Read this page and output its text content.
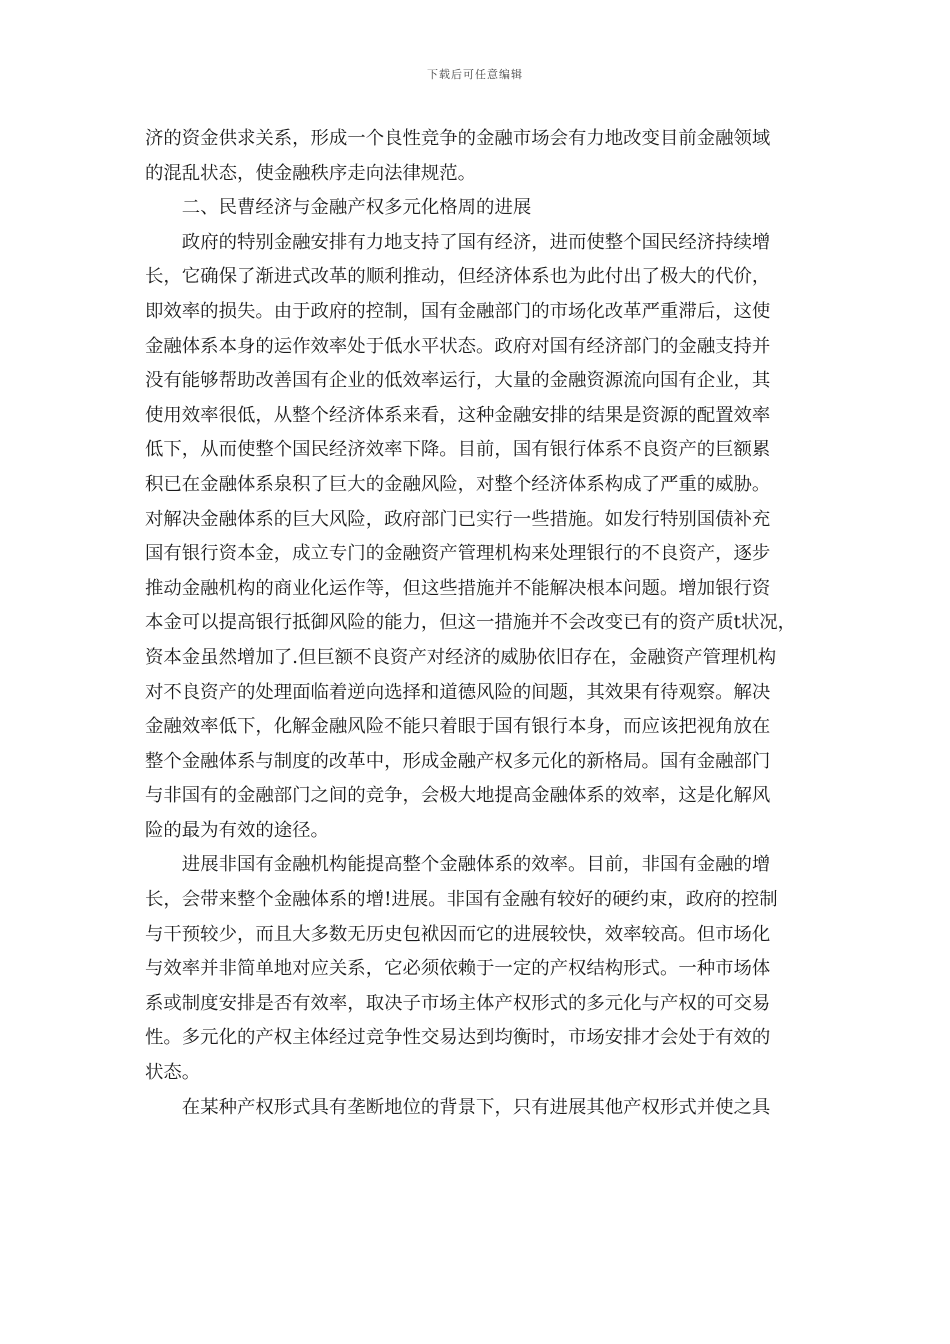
下载后可任意编辑

济的资金供求关系，形成一个良性竞争的金融市场会有力地改变目前金融领域
的混乱状态，使金融秩序走向法律规范。

二、民曹经济与金融产权多元化格周的进展

政府的特别金融安排有力地支持了国有经济，进而使整个国民经济持续增
长，它确保了渐进式改革的顺利推动，但经济体系也为此付出了极大的代价，
即效率的损失。由于政府的控制，国有金融部门的市场化改革严重滞后，这使
金融体系本身的运作效率处于低水平状态。政府对国有经济部门的金融支持并
没有能够帮助改善国有企业的低效率运行，大量的金融资源流向国有企业，其
使用效率很低，从整个经济体系来看，这种金融安排的结果是资源的配置效率
低下，从而使整个国民经济效率下降。目前，国有银行体系不良资产的巨额累
积已在金融体系泉积了巨大的金融风险，对整个经济体系构成了严重的威胁。
对解决金融体系的巨大风险，政府部门已实行一些措施。如发行特别国债补充
国有银行资本金，成立专门的金融资产管理机构来处理银行的不良资产，逐步
推动金融机构的商业化运作等，但这些措施并不能解决根本问题。增加银行资
本金可以提高银行抵御风险的能力，但这一措施并不会改变已有的资产质t状况，
资本金虽然增加了.但巨额不良资产对经济的威胁依旧存在，金融资产管理机构
对不良资产的处理面临着逆向选择和道德风险的间题，其效果有待观察。解决
金融效率低下，化解金融风险不能只着眼于国有银行本身，而应该把视角放在
整个金融体系与制度的改革中，形成金融产权多元化的新格局。国有金融部门
与非国有的金融部门之间的竞争，会极大地提高金融体系的效率，这是化解风
险的最为有效的途径。

进展非国有金融机构能提高整个金融体系的效率。目前，非国有金融的增
长，会带来整个金融体系的增!进展。非国有金融有较好的硬约束，政府的控制
与干预较少，而且大多数无历史包袱因而它的进展较快，效率较高。但市场化
与效率并非简单地对应关系，它必须依赖于一定的产权结构形式。一种市场体
系或制度安排是否有效率，取决子市场主体产权形式的多元化与产权的可交易
性。多元化的产权主体经过竞争性交易达到均衡时，市场安排才会处于有效的
状态。

在某种产权形式具有垄断地位的背景下，只有进展其他产权形式并使之具
